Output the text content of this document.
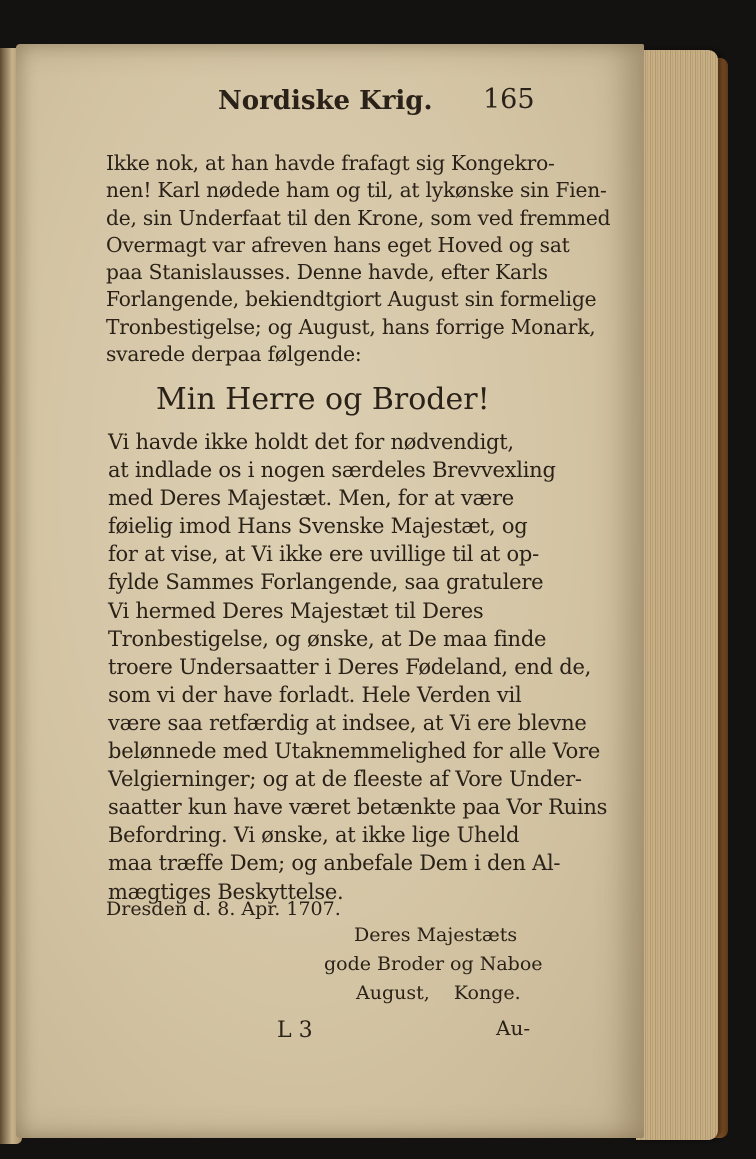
Nordiske Krig. 165
Ikke nok, at han havde frafagt sig Kongekro-
nen! Karl nødede ham og til, at lykønske sin Fien-
de, sin Underfaat til den Krone, som ved fremmed
Overmagt var afreven hans eget Hoved og sat
paa Stanislausses. Denne havde, efter Karls
Forlangende, bekiendtgiort August sin formelige
Tronbestigelse; og August, hans forrige Monark,
svarede derpaa følgende:
Min Herre og Broder!
Vi havde ikke holdt det for nødvendigt,
at indlade os i nogen særdeles Brevvexling
med Deres Majestæt. Men, for at være
føielig imod Hans Svenske Majestæt, og
for at vise, at Vi ikke ere uvillige til at op-
fylde Sammes Forlangende, saa gratulere
Vi hermed Deres Majestæt til Deres
Tronbestigelse, og ønske, at De maa finde
troere Undersaatter i Deres Fødeland, end de,
som vi der have forladt. Hele Verden vil
være saa retfærdig at indsee, at Vi ere blevne
belønnede med Utaknemmelighed for alle Vore
Velgierninger; og at de fleeste af Vore Under-
saatter kun have været betænkte paa Vor Ruins
Befordring. Vi ønske, at ikke lige Uheld
maa træffe Dem; og anbefale Dem i den Al-
mægtiges Beskyttelse.
Dresden d. 8. Apr. 1707.
Deres Majestæts
gode Broder og Naboe
August, Konge.
L 3	Au-
